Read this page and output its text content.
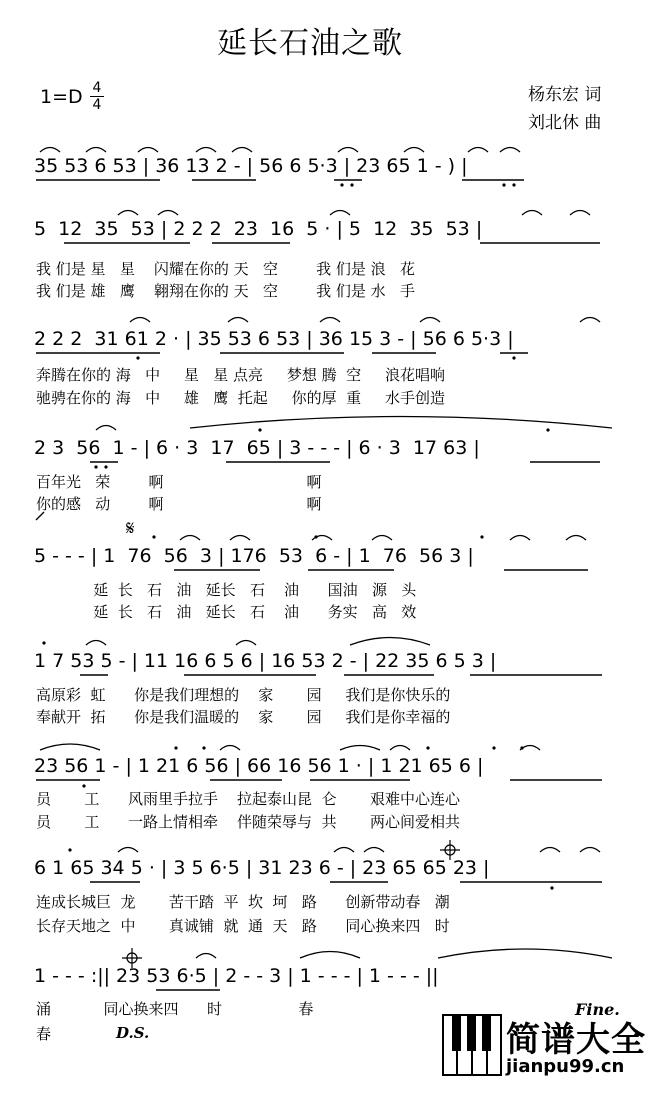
延长石油之歌
$1=D \frac{4}{4}$	杨东宏 词
刘北休 曲
35 53 6 53 | 36 13 2 - | 56 6 5·3 | 23 65 1 - ) |
5  12  35  53 | 2 2 2  23  16  5 · | 5  12  35  53 |
我 们是 星   星    闪耀在你的 天   空        我 们是 浪   花
我 们是 雄   鹰    翱翔在你的 天   空        我 们是 水   手
2 2 2  31 61 2 · | 35 53 6 53 | 36 15 3 - | 56 6 5·3 |
奔腾在你的 海   中     星   星 点亮     梦想 腾  空     浪花唱响
驰骋在你的 海   中     雄   鹰  托起     你的厚  重     水手创造
2 3  56  1 - | 6 · 3  17  65 | 3 - - - | 6 · 3  17 63 |
百年光   荣        啊                              啊
你的感   动        啊                              啊
𝄋
5 - - - | 1  76  56  3 | 176  53  6 - | 1  76  56 3 |
延  长   石   油   延长   石    油      国油   源   头
延  长   石   油   延长   石    油      务实   高   效
1 7 53 5 - | 11 16 6 5 6 | 16 53 2 - | 22 35 6 5 3 |
高原彩  虹      你是我们理想的    家       园     我们是你快乐的
奉献开  拓      你是我们温暖的    家       园     我们是你幸福的
23 56 1 - | 1 21 6 56 | 66 16 56 1 · | 1 21 65 6 |
员       工      风雨里手拉手    拉起泰山昆  仑       艰难中心连心
员       工      一路上情相牵    伴随荣辱与  共       两心间爱相共
6 1 65 34 5 · | 3 5 6·5 | 31 23 6 - | 23 65 65 23 |
连成长城巨  龙       苦干踏  平  坎  坷   路      创新带动春   潮
长存天地之  中       真诚铺  就  通  天   路      同心换来四   时
1 - - - :|| 23 53 6·5 | 2 - - 3 | 1 - - - | 1 - - - ||
涌           同心换来四      时                春
春
Fine.
D.S.	简谱大全
jianpu99.cn
